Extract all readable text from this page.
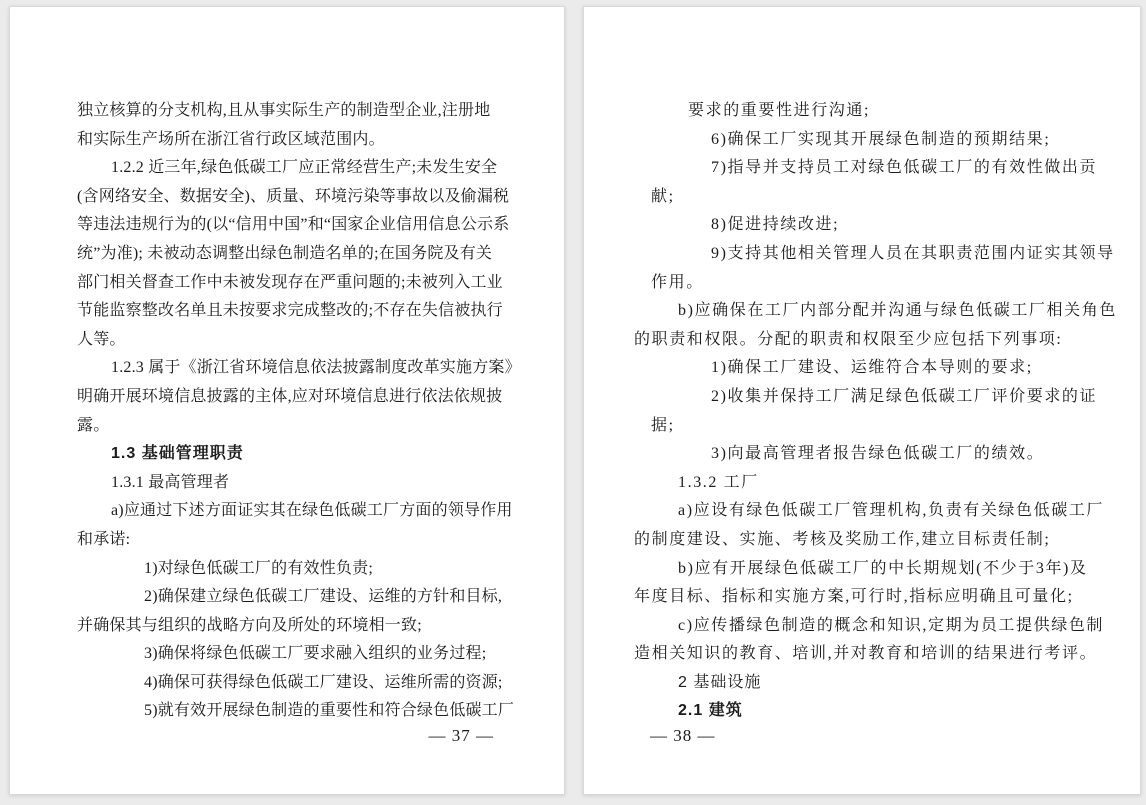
独立核算的分支机构,且从事实际生产的制造型企业,注册地
和实际生产场所在浙江省行政区域范围内。
1.2.2 近三年,绿色低碳工厂应正常经营生产;未发生安全
(含网络安全、数据安全)、质量、环境污染等事故以及偷漏税
等违法违规行为的(以“信用中国”和“国家企业信用信息公示系
统”为准); 未被动态调整出绿色制造名单的;在国务院及有关
部门相关督查工作中未被发现存在严重问题的;未被列入工业
节能监察整改名单且未按要求完成整改的;不存在失信被执行
人等。
1.2.3 属于《浙江省环境信息依法披露制度改革实施方案》
明确开展环境信息披露的主体,应对环境信息进行依法依规披
露。
1.3 基础管理职责
1.3.1 最高管理者
a)应通过下述方面证实其在绿色低碳工厂方面的领导作用
和承诺:
1)对绿色低碳工厂的有效性负责;
2)确保建立绿色低碳工厂建设、运维的方针和目标,
并确保其与组织的战略方向及所处的环境相一致;
3)确保将绿色低碳工厂要求融入组织的业务过程;
4)确保可获得绿色低碳工厂建设、运维所需的资源;
5)就有效开展绿色制造的重要性和符合绿色低碳工厂
— 37 —
要求的重要性进行沟通;
6)确保工厂实现其开展绿色制造的预期结果;
7)指导并支持员工对绿色低碳工厂的有效性做出贡
献;
8)促进持续改进;
9)支持其他相关管理人员在其职责范围内证实其领导
作用。
b)应确保在工厂内部分配并沟通与绿色低碳工厂相关角色
的职责和权限。分配的职责和权限至少应包括下列事项:
1)确保工厂建设、运维符合本导则的要求;
2)收集并保持工厂满足绿色低碳工厂评价要求的证
据;
3)向最高管理者报告绿色低碳工厂的绩效。
1.3.2 工厂
a)应设有绿色低碳工厂管理机构,负责有关绿色低碳工厂
的制度建设、实施、考核及奖励工作,建立目标责任制;
b)应有开展绿色低碳工厂的中长期规划(不少于3年)及
年度目标、指标和实施方案,可行时,指标应明确且可量化;
c)应传播绿色制造的概念和知识,定期为员工提供绿色制
造相关知识的教育、培训,并对教育和培训的结果进行考评。
2 基础设施
2.1 建筑
— 38 —
